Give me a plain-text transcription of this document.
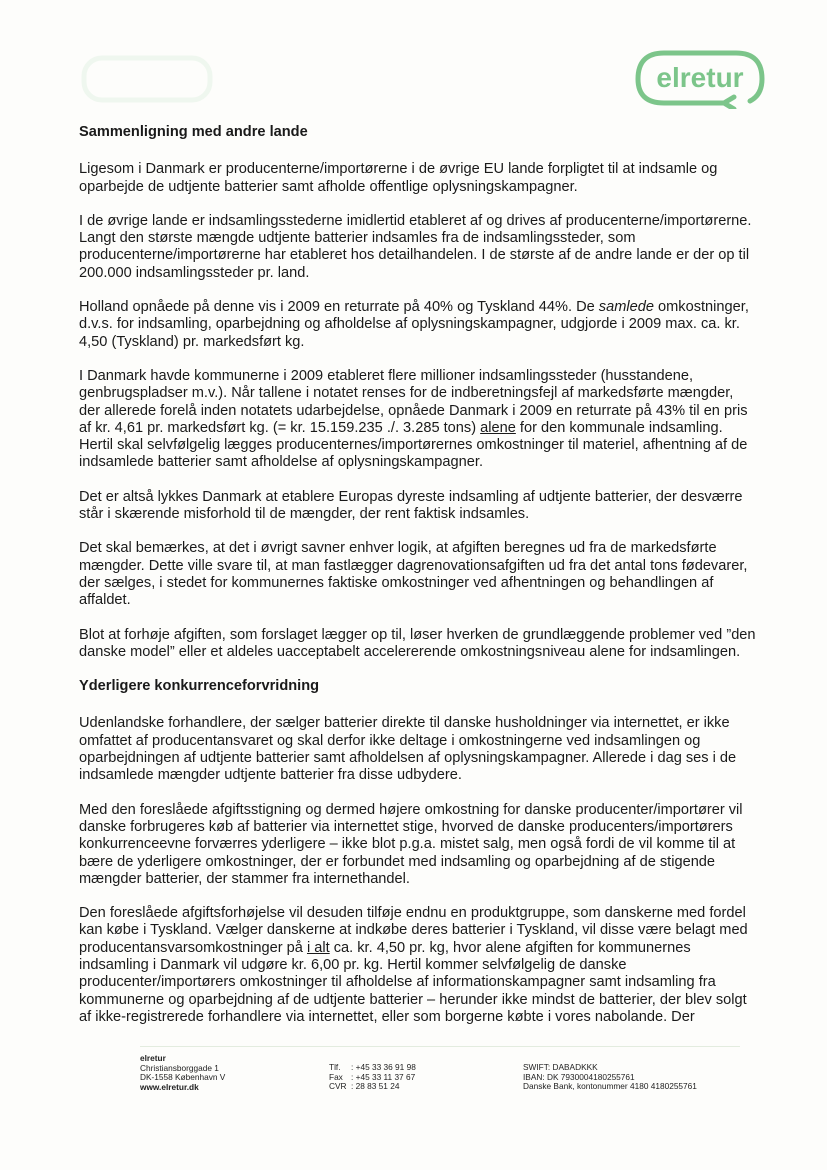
elretur
Sammenligning med andre lande

Ligesom i Danmark er producenterne/importørerne i de øvrige EU lande forpligtet til at indsamle og

oparbejde de udtjente batterier samt afholde offentlige oplysningskampagner.

I de øvrige lande er indsamlingsstederne imidlertid etableret af og drives af producenterne/importørerne.

Langt den største mængde udtjente batterier indsamles fra de indsamlingssteder, som

producenterne/importørerne har etableret hos detailhandelen. I de største af de andre lande er der op til

200.000 indsamlingssteder pr. land.

Holland opnåede på denne vis i 2009 en returrate på 40% og Tyskland 44%. De samlede omkostninger,

d.v.s. for indsamling, oparbejdning og afholdelse af oplysningskampagner, udgjorde i 2009 max. ca. kr.

4,50 (Tyskland) pr. markedsført kg.

I Danmark havde kommunerne i 2009 etableret flere millioner indsamlingssteder (husstandene,

genbrugspladser m.v.). Når tallene i notatet renses for de indberetningsfejl af markedsførte mængder,

der allerede forelå inden notatets udarbejdelse, opnåede Danmark i 2009 en returrate på 43% til en pris

af kr. 4,61 pr. markedsført kg. (= kr. 15.159.235 ./. 3.285 tons) alene for den kommunale indsamling.

Hertil skal selvfølgelig lægges producenternes/importørernes omkostninger til materiel, afhentning af de

indsamlede batterier samt afholdelse af oplysningskampagner.

Det er altså lykkes Danmark at etablere Europas dyreste indsamling af udtjente batterier, der desværre

står i skærende misforhold til de mængder, der rent faktisk indsamles.

Det skal bemærkes, at det i øvrigt savner enhver logik, at afgiften beregnes ud fra de markedsførte

mængder. Dette ville svare til, at man fastlægger dagrenovationsafgiften ud fra det antal tons fødevarer,

der sælges, i stedet for kommunernes faktiske omkostninger ved afhentningen og behandlingen af

affaldet.

Blot at forhøje afgiften, som forslaget lægger op til, løser hverken de grundlæggende problemer ved ”den

danske model” eller et aldeles uacceptabelt accelererende omkostningsniveau alene for indsamlingen.

Yderligere konkurrenceforvridning

Udenlandske forhandlere, der sælger batterier direkte til danske husholdninger via internettet, er ikke

omfattet af producentansvaret og skal derfor ikke deltage i omkostningerne ved indsamlingen og

oparbejdningen af udtjente batterier samt afholdelsen af oplysningskampagner. Allerede i dag ses i de

indsamlede mængder udtjente batterier fra disse udbydere.

Med den foreslåede afgiftsstigning og dermed højere omkostning for danske producenter/importører vil

danske forbrugeres køb af batterier via internettet stige, hvorved de danske producenters/importørers

konkurrenceevne forværres yderligere – ikke blot p.g.a. mistet salg, men også fordi de vil komme til at

bære de yderligere omkostninger, der er forbundet med indsamling og oparbejdning af de stigende

mængder batterier, der stammer fra internethandel.

Den foreslåede afgiftsforhøjelse vil desuden tilføje endnu en produktgruppe, som danskerne med fordel

kan købe i Tyskland. Vælger danskerne at indkøbe deres batterier i Tyskland, vil disse være belagt med

producentansvarsomkostninger på i alt ca. kr. 4,50 pr. kg, hvor alene afgiften for kommunernes

indsamling i Danmark vil udgøre kr. 6,00 pr. kg. Hertil kommer selvfølgelig de danske

producenter/importørers omkostninger til afholdelse af informationskampagner samt indsamling fra

kommunerne og oparbejdning af de udtjente batterier – herunder ikke mindst de batterier, der blev solgt

af ikke-registrerede forhandlere via internettet, eller som borgerne købte i vores nabolande. Der

elretur
Christiansborggade 1
DK-1558 København V
www.elretur.dk
Tlf.	: +45 33 36 91 98
Fax : +45 33 11 37 67
CVR : 28 83 51 24
SWIFT: DABADKKK
IBAN: DK 7930004180255761
Danske Bank, kontonummer 4180 4180255761
